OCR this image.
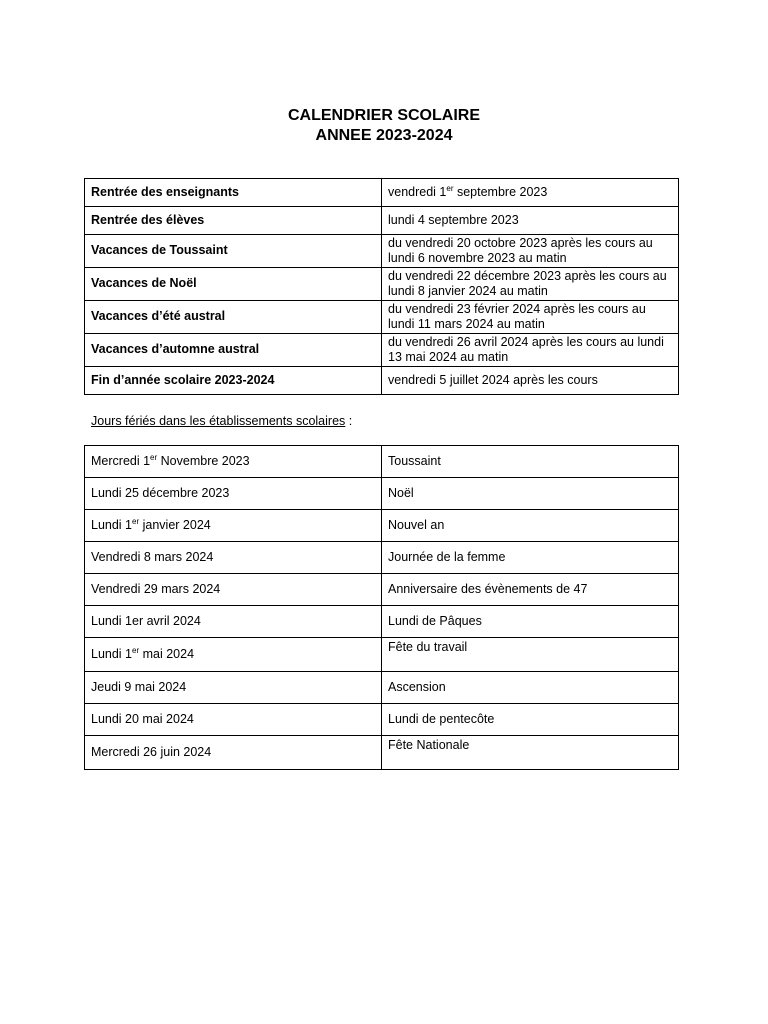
CALENDRIER SCOLAIRE
ANNEE 2023-2024
Rentrée des enseignants	vendredi 1er septembre 2023
Rentrée des élèves	lundi 4 septembre 2023
Vacances de Toussaint	du vendredi 20 octobre 2023 après les cours au lundi 6 novembre 2023 au matin
Vacances de Noël	du vendredi 22 décembre 2023 après les cours au lundi 8 janvier 2024 au matin
Vacances d’été austral	du vendredi 23 février 2024 après les cours au lundi 11 mars 2024 au matin
Vacances d’automne austral	du vendredi 26 avril 2024 après les cours au lundi 13 mai 2024 au matin
Fin d’année scolaire 2023-2024	vendredi 5 juillet 2024 après les cours
Jours fériés dans les établissements scolaires :
Mercredi 1er Novembre 2023	Toussaint
Lundi 25 décembre 2023	Noël
Lundi 1er janvier 2024	Nouvel an
Vendredi 8 mars 2024	Journée de la femme
Vendredi 29 mars 2024	Anniversaire des évènements de 47
Lundi 1er avril 2024	Lundi de Pâques
Lundi 1er mai 2024	Fête du travail
Jeudi 9 mai 2024	Ascension
Lundi 20 mai 2024	Lundi de pentecôte
Mercredi 26 juin 2024	Fête Nationale
